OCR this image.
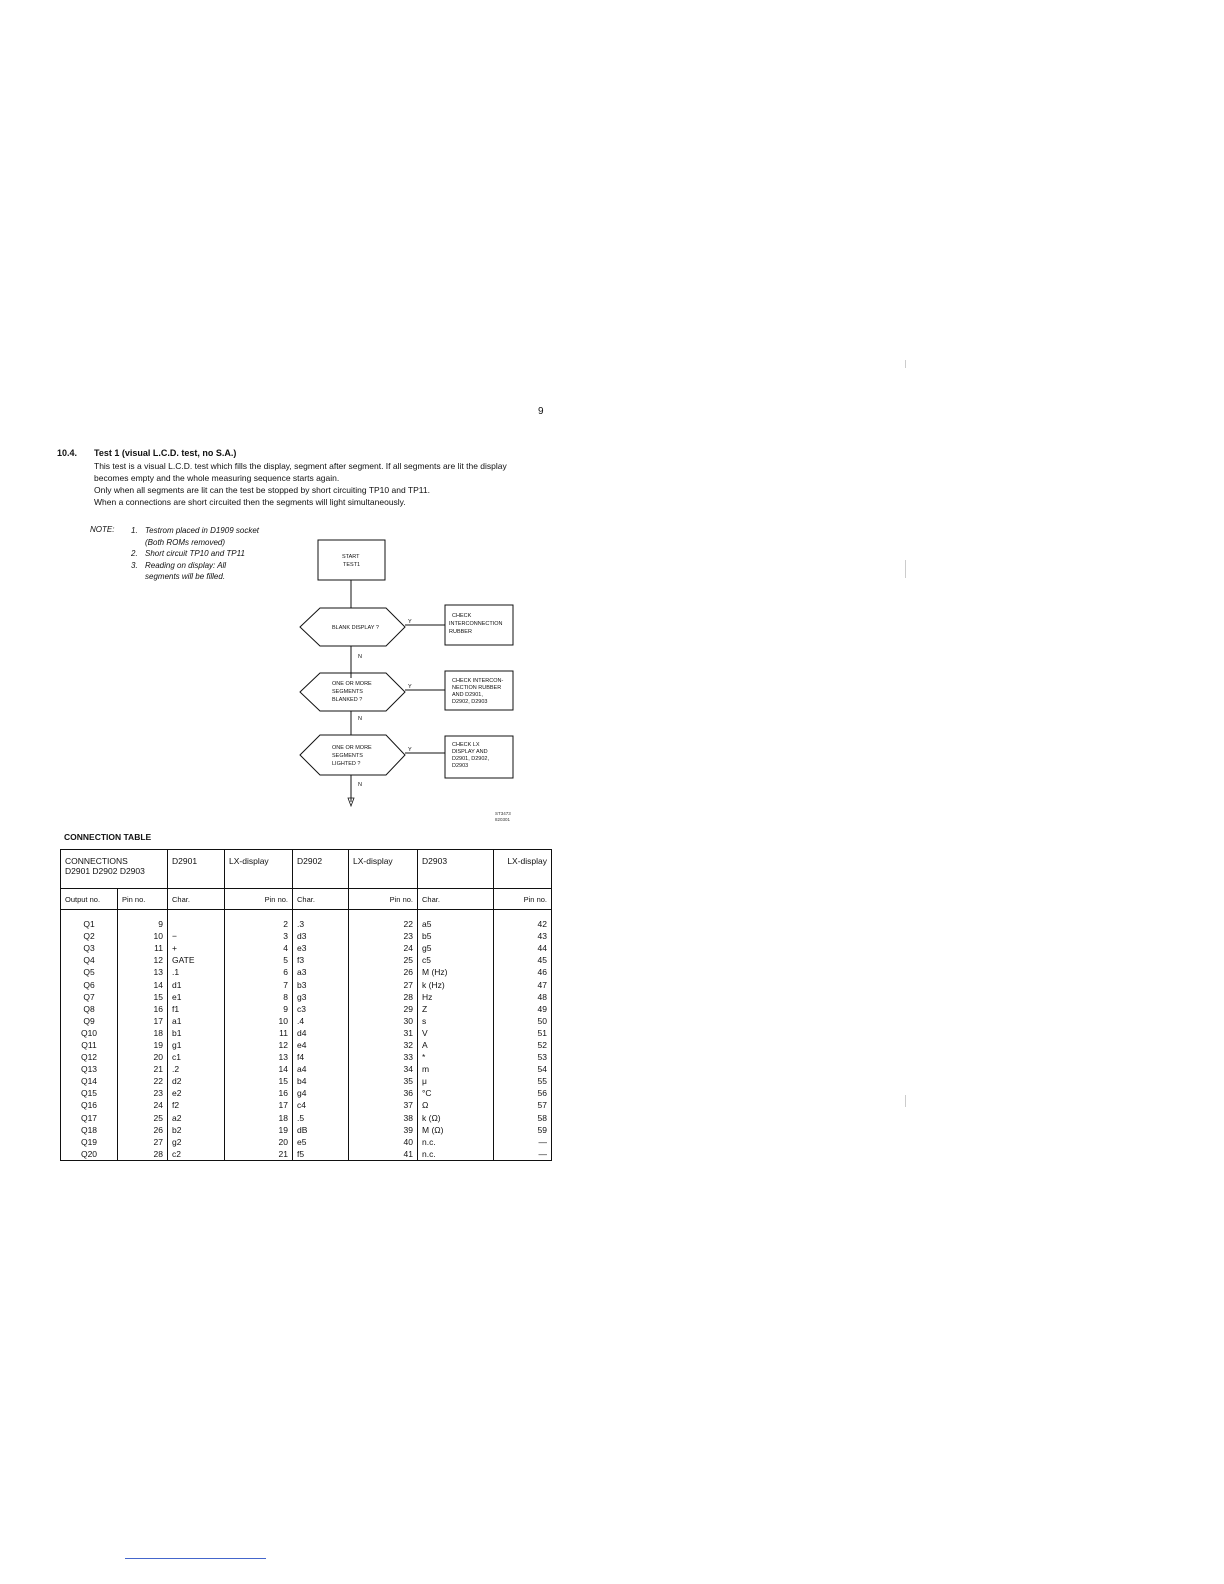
9
10.4. Test 1 (visual L.C.D. test, no S.A.)

This test is a visual L.C.D. test which fills the display, segment after segment. If all segments are lit the display becomes empty and the whole measuring sequence starts again.

Only when all segments are lit can the test be stopped by short circuiting TP10 and TP11.

When a connections are short circuited then the segments will light simultaneously.

NOTE: 1. Testrom placed in D1909 socket (Both ROMs removed)
2. Short circuit TP10 and TP11
3. Reading on display: All segments will be filled.
START
TEST1
BLANK DISPLAY ?
ONE OR MORE
SEGMENTS
BLANKED ?
ONE OR MORE
SEGMENTS
LIGHTED ?
CHECK
INTERCONNECTION
RUBBER
CHECK INTERCON-
NECTION RUBBER
AND D2901,
D2902, D2903
CHECK LX
DISPLAY AND
D2901, D2902,
D2903
Y
Y
Y
N
N
N
ST3473
820301
CONNECTION TABLE
CONNECTIONS
D2901 D2902 D2903		D2901	LX-display	D2902	LX-display	D2903	LX-display
Output no.	Pin no.	Char.	Pin no.	Char.	Pin no.	Char.	Pin no.
Q1	9		2	.3	22	a5	42
Q2	10	−	3	d3	23	b5	43
Q3	11	+	4	e3	24	g5	44
Q4	12	GATE	5	f3	25	c5	45
Q5	13	.1	6	a3	26	M (Hz)	46
Q6	14	d1	7	b3	27	k (Hz)	47
Q7	15	e1	8	g3	28	Hz	48
Q8	16	f1	9	c3	29	Z	49
Q9	17	a1	10	.4	30	s	50
Q10	18	b1	11	d4	31	V	51
Q11	19	g1	12	e4	32	A	52
Q12	20	c1	13	f4	33	*	53
Q13	21	.2	14	a4	34	m	54
Q14	22	d2	15	b4	35	μ	55
Q15	23	e2	16	g4	36	°C	56
Q16	24	f2	17	c4	37	Ω	57
Q17	25	a2	18	.5	38	k (Ω)	58
Q18	26	b2	19	dB	39	M (Ω)	59
Q19	27	g2	20	e5	40	n.c.	—
Q20	28	c2	21	f5	41	n.c.	—
